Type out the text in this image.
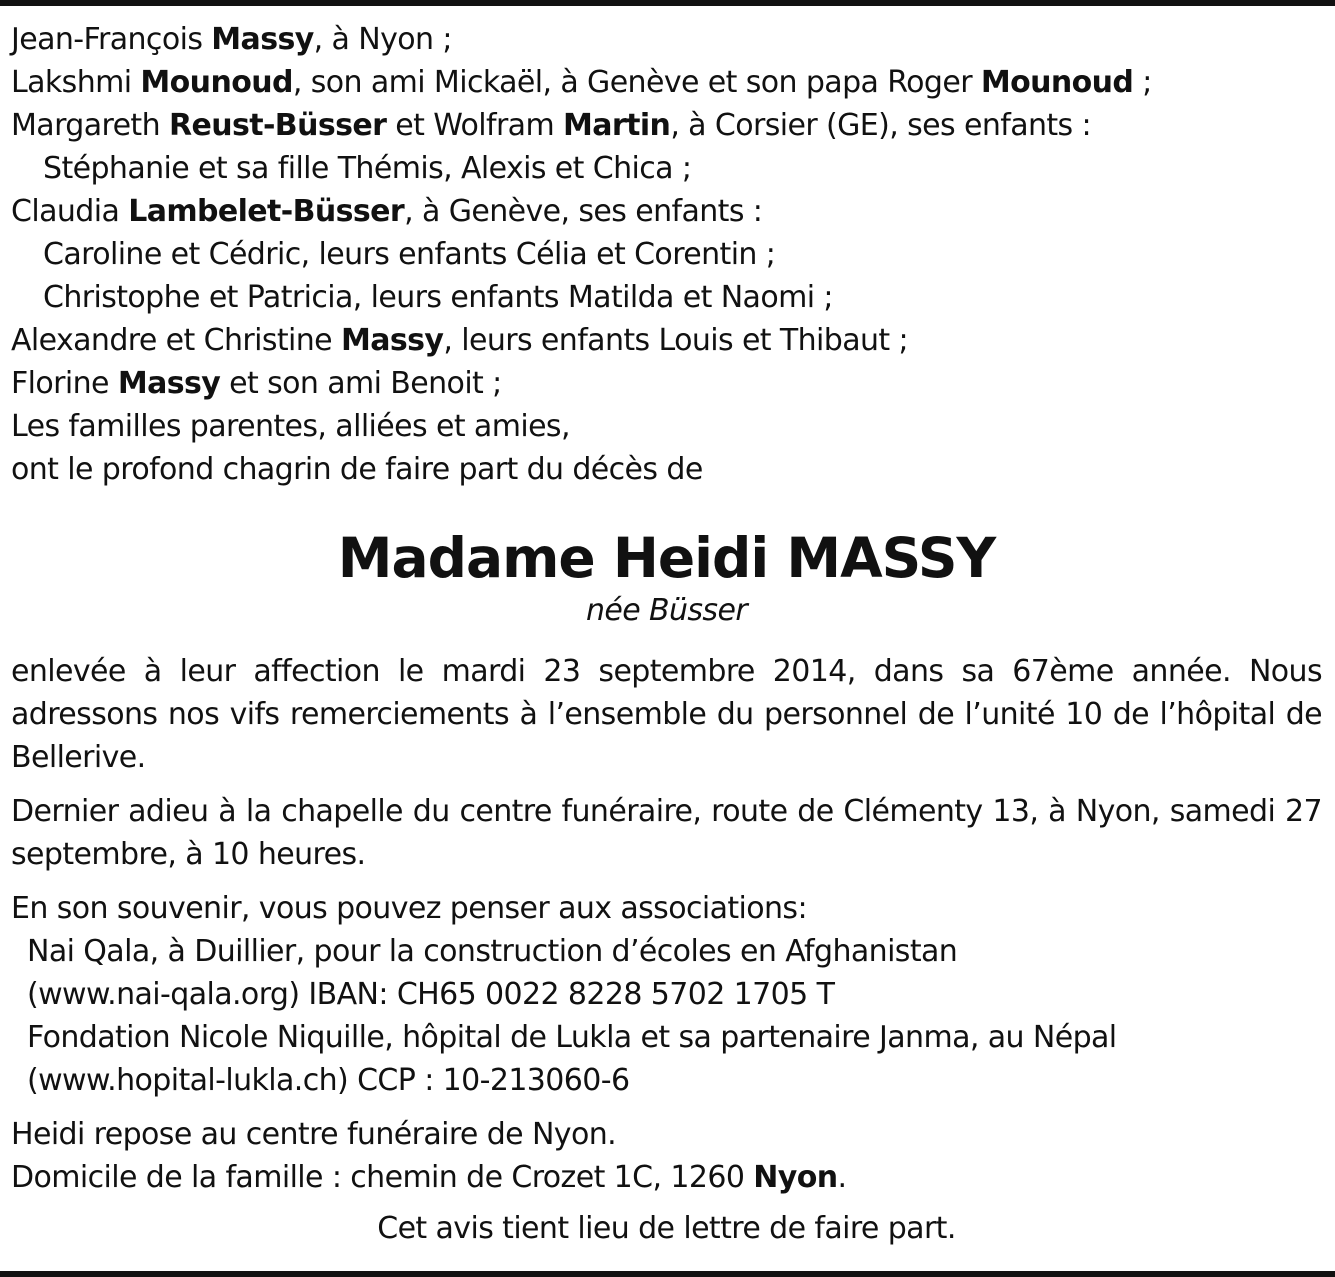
Jean-François Massy, à Nyon ;
Lakshmi Mounoud, son ami Mickaël, à Genève et son papa Roger Mounoud ;
Margareth Reust-Büsser et Wolfram Martin, à Corsier (GE), ses enfants :
Stéphanie et sa fille Thémis, Alexis et Chica ;
Claudia Lambelet-Büsser, à Genève, ses enfants :
Caroline et Cédric, leurs enfants Célia et Corentin ;
Christophe et Patricia, leurs enfants Matilda et Naomi ;
Alexandre et Christine Massy, leurs enfants Louis et Thibaut ;
Florine Massy et son ami Benoit ;
Les familles parentes, alliées et amies,
ont le profond chagrin de faire part du décès de
Madame Heidi MASSY
née Büsser
enlevée à leur affection le mardi 23 septembre 2014, dans sa 67ème année. Nous adressons nos vifs remerciements à l’ensemble du personnel de l’unité 10 de l’hôpital de Bellerive.
Dernier adieu à la chapelle du centre funéraire, route de Clémenty 13, à Nyon, samedi 27 septembre, à 10 heures.
En son souvenir, vous pouvez penser aux associations:
Nai Qala, à Duillier, pour la construction d’écoles en Afghanistan
(www.nai-qala.org) IBAN: CH65 0022 8228 5702 1705 T
Fondation Nicole Niquille, hôpital de Lukla et sa partenaire Janma, au Népal
(www.hopital-lukla.ch) CCP : 10-213060-6
Heidi repose au centre funéraire de Nyon.
Domicile de la famille : chemin de Crozet 1C, 1260 Nyon.
Cet avis tient lieu de lettre de faire part.
